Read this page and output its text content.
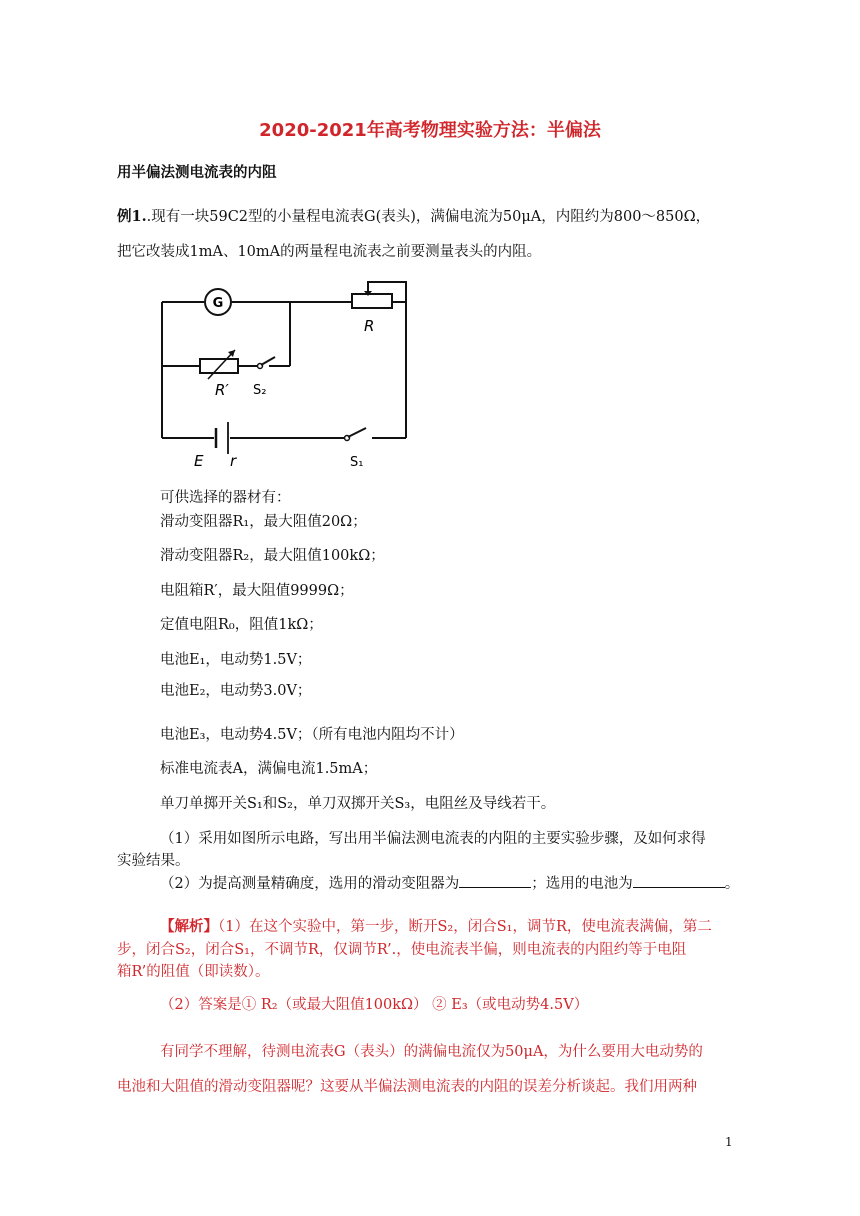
2020-2021年高考物理实验方法：半偏法
用半偏法测电流表的内阻
例1..现有一块59C2型的小量程电流表G(表头)，满偏电流为50μA，内阻约为800～850Ω，
把它改装成1mA、10mA的两量程电流表之前要测量表头的内阻。
G
R
R′ S₂
E r	S₁
可供选择的器材有：
滑动变阻器R₁，最大阻值20Ω；
滑动变阻器R₂，最大阻值100kΩ；
电阻箱R′，最大阻值9999Ω；
定值电阻R₀，阻值1kΩ；
电池E₁，电动势1.5V；
电池E₂，电动势3.0V；
电池E₃，电动势4.5V；（所有电池内阻均不计）
标准电流表A，满偏电流1.5mA；
单刀单掷开关S₁和S₂，单刀双掷开关S₃，电阻丝及导线若干。
（1）采用如图所示电路，写出用半偏法测电流表的内阻的主要实验步骤，及如何求得
实验结果。
（2）为提高测量精确度，选用的滑动变阻器为	；选用的电池为	。
【解析】（1）在这个实验中，第一步，断开S₂，闭合S₁，调节R，使电流表满偏，第二
步，闭合S₂，闭合S₁，不调节R，仅调节R’.，使电流表半偏，则电流表的内阻约等于电阻
箱R’的阻值（即读数）。
（2）答案是① R₂（或最大阻值100kΩ） ② E₃（或电动势4.5V）
有同学不理解，待测电流表G（表头）的满偏电流仅为50μA，为什么要用大电动势的
电池和大阻值的滑动变阻器呢？这要从半偏法测电流表的内阻的误差分析谈起。我们用两种
1
